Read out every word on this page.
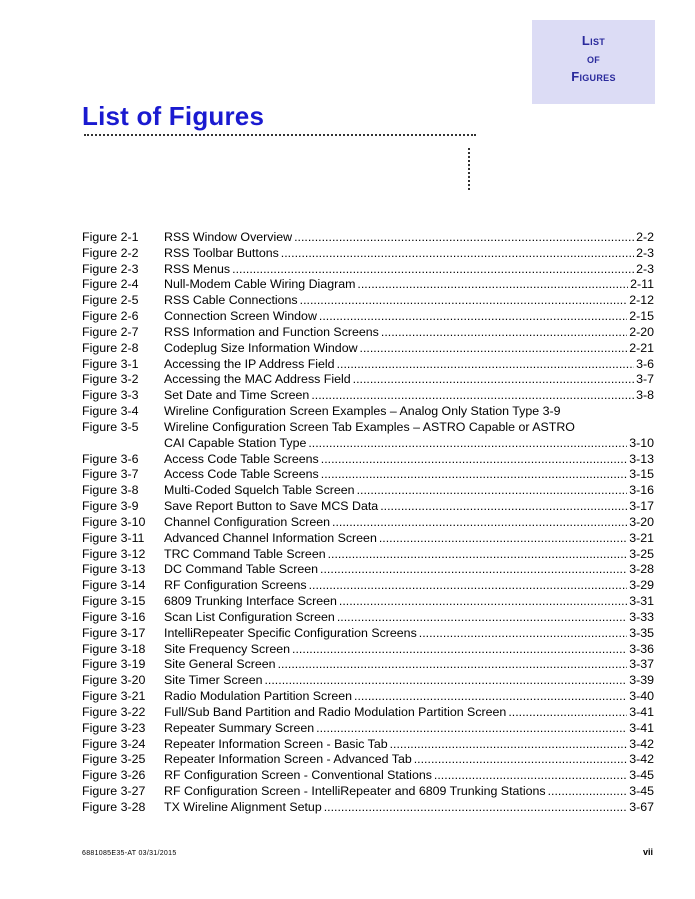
List
of
Figures
List of Figures
Figure 2-1	RSS Window Overview .....	2-2
Figure 2-2	RSS Toolbar Buttons .....	2-3
Figure 2-3	RSS Menus .....	2-3
Figure 2-4	Null-Modem Cable Wiring Diagram .....	2-11
Figure 2-5	RSS Cable Connections .....	2-12
Figure 2-6	Connection Screen Window .....	2-15
Figure 2-7	RSS Information and Function Screens .....	2-20
Figure 2-8	Codeplug Size Information Window .....	2-21
Figure 3-1	Accessing the IP Address Field .....	3-6
Figure 3-2	Accessing the MAC Address Field .....	3-7
Figure 3-3	Set Date and Time Screen .....	3-8
Figure 3-4	Wireline Configuration Screen Examples – Analog Only Station Type 3-9
Figure 3-5	Wireline Configuration Screen Tab Examples – ASTRO Capable or ASTRO
CAI Capable Station Type .....	3-10
Figure 3-6	Access Code Table Screens .....	3-13
Figure 3-7	Access Code Table Screens .....	3-15
Figure 3-8	Multi-Coded Squelch Table Screen .....	3-16
Figure 3-9	Save Report Button to Save MCS Data .....	3-17
Figure 3-10	Channel Configuration Screen .....	3-20
Figure 3-11	Advanced Channel Information Screen .....	3-21
Figure 3-12	TRC Command Table Screen .....	3-25
Figure 3-13	DC Command Table Screen .....	3-28
Figure 3-14	RF Configuration Screens .....	3-29
Figure 3-15	6809 Trunking Interface Screen .....	3-31
Figure 3-16	Scan List Configuration Screen .....	3-33
Figure 3-17	IntelliRepeater Specific Configuration Screens .....	3-35
Figure 3-18	Site Frequency Screen .....	3-36
Figure 3-19	Site General Screen .....	3-37
Figure 3-20	Site Timer Screen .....	3-39
Figure 3-21	Radio Modulation Partition Screen .....	3-40
Figure 3-22	Full/Sub Band Partition and Radio Modulation Partition Screen .....	3-41
Figure 3-23	Repeater Summary Screen .....	3-41
Figure 3-24	Repeater Information Screen - Basic Tab .....	3-42
Figure 3-25	Repeater Information Screen - Advanced Tab .....	3-42
Figure 3-26	RF Configuration Screen - Conventional Stations .....	3-45
Figure 3-27	RF Configuration Screen - IntelliRepeater and 6809 Trunking Stations .....	3-45
Figure 3-28	TX Wireline Alignment Setup .....	3-67
6881085E35-AT 03/31/2015	vii
